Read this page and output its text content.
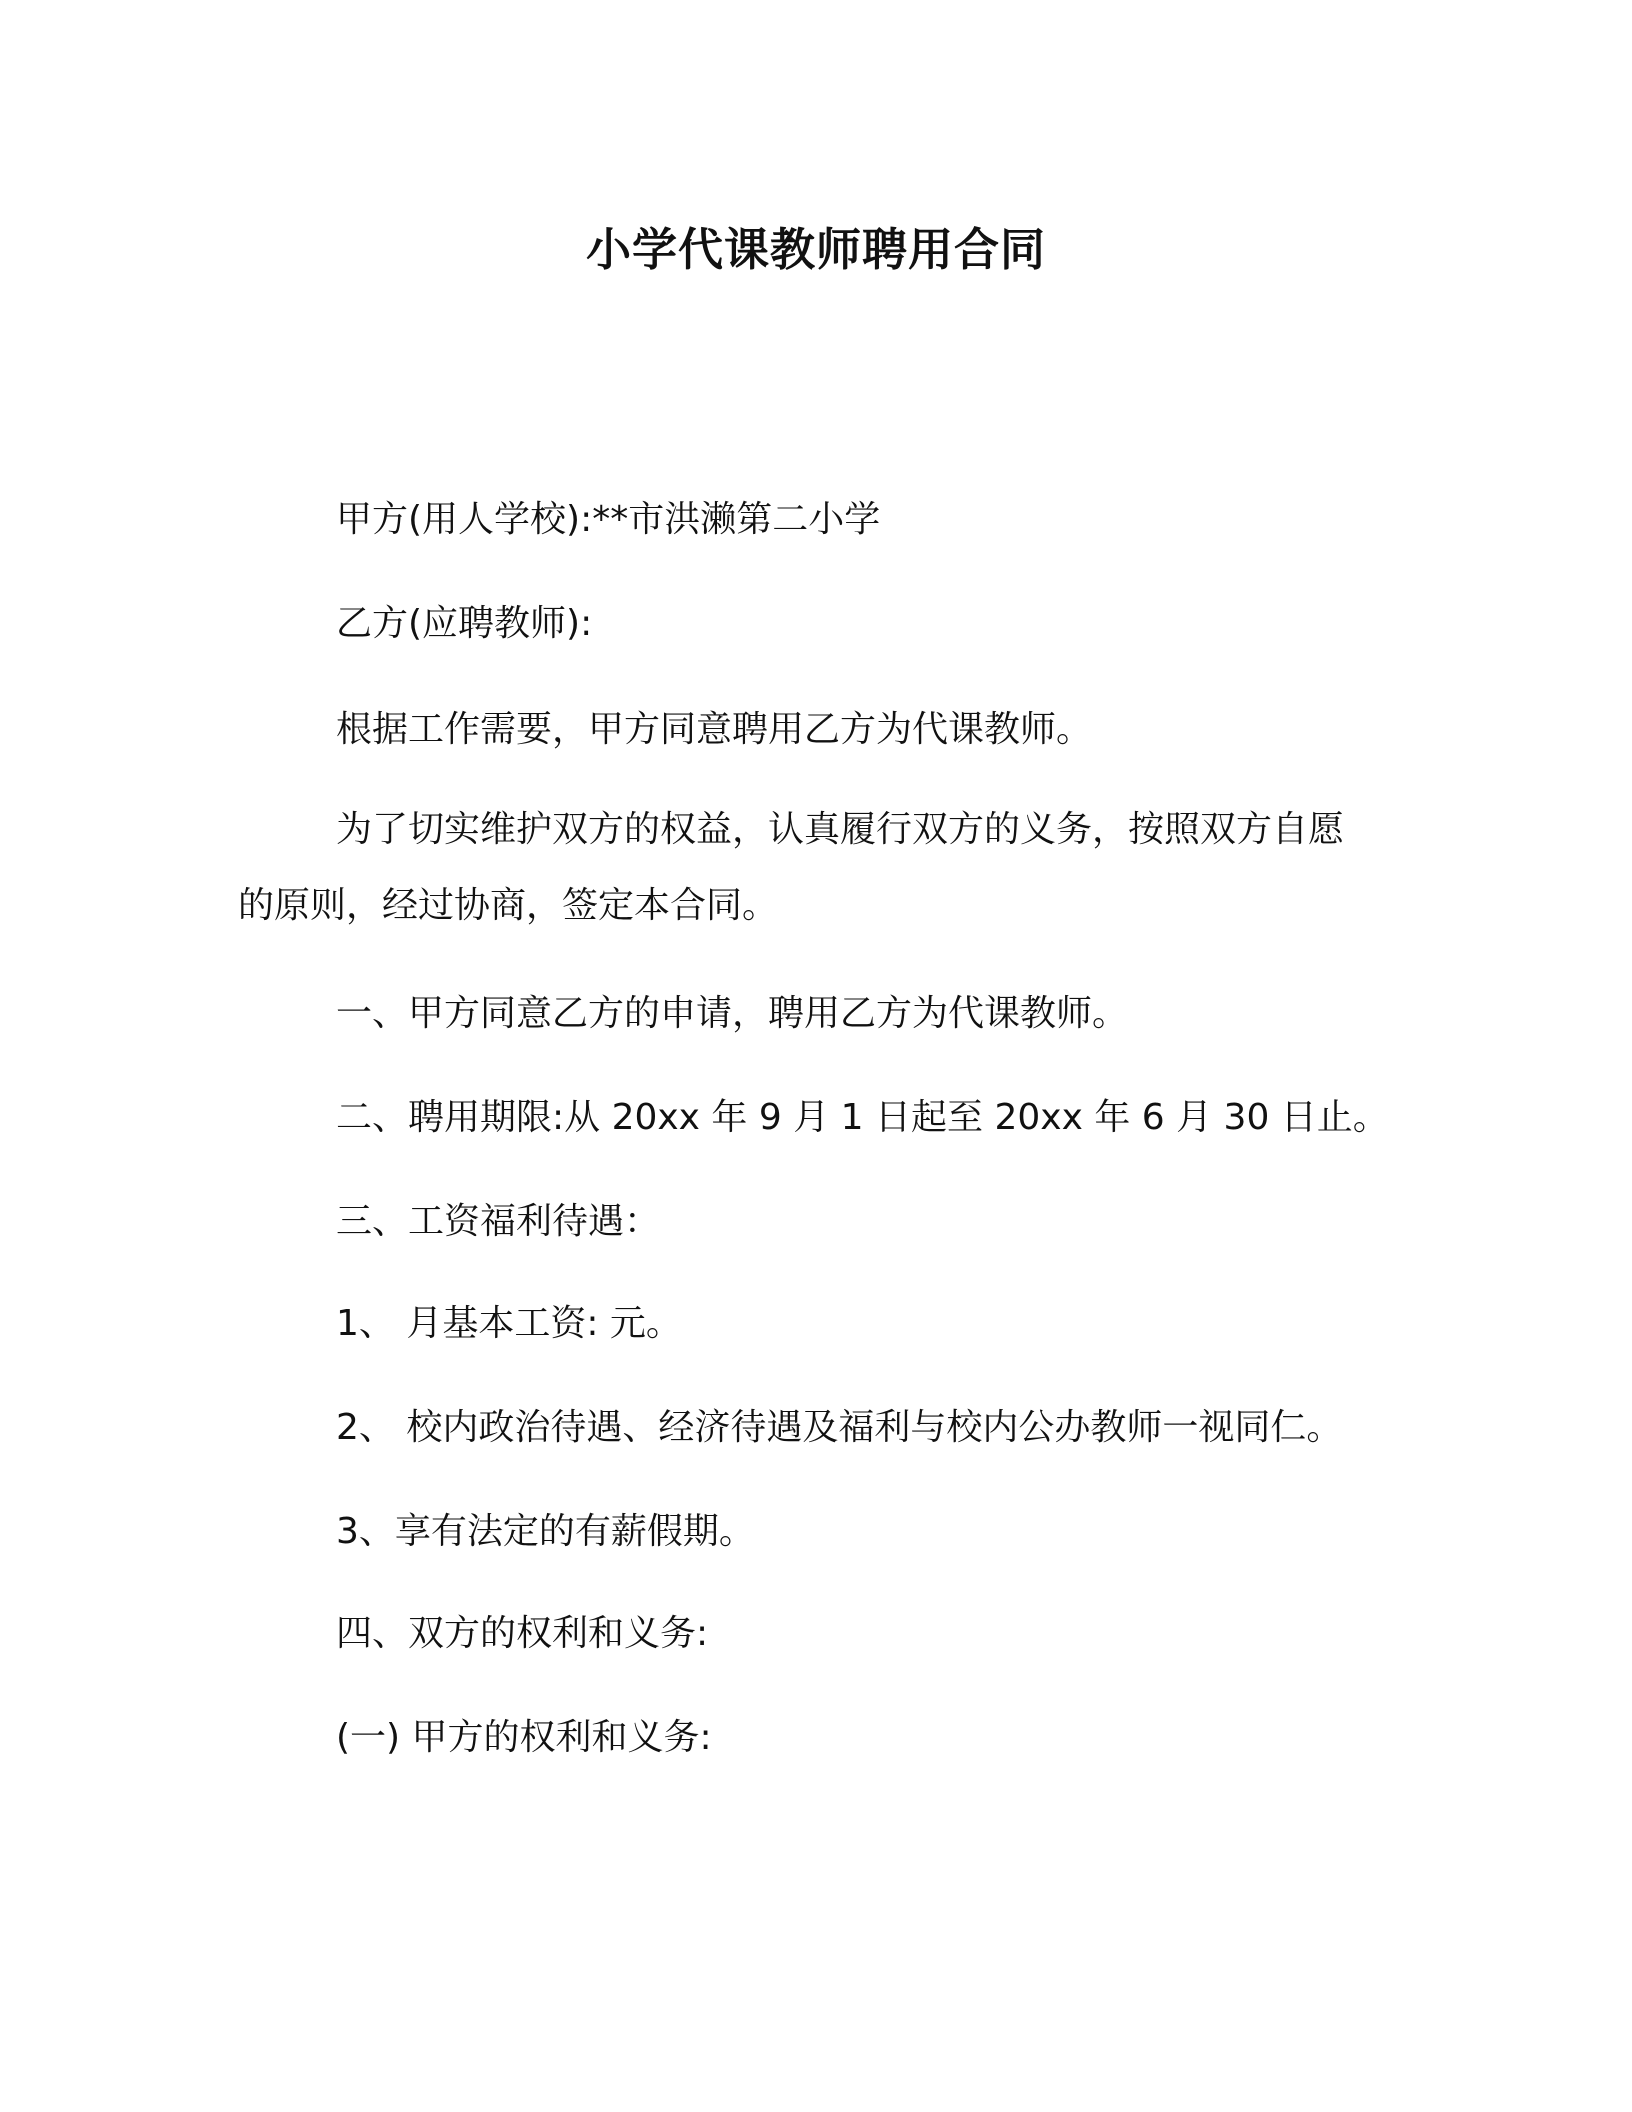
小学代课教师聘用合同

甲方(用人学校):**市洪濑第二小学

乙方(应聘教师):

根据工作需要，甲方同意聘用乙方为代课教师。

为了切实维护双方的权益，认真履行双方的义务，按照双方自愿
的原则，经过协商，签定本合同。

一、甲方同意乙方的申请，聘用乙方为代课教师。

二、聘用期限:从 20xx 年 9 月 1 日起至 20xx 年 6 月 30 日止。

三、工资福利待遇：

1、 月基本工资: 元。

2、 校内政治待遇、经济待遇及福利与校内公办教师一视同仁。

3、享有法定的有薪假期。

四、双方的权利和义务:

(一) 甲方的权利和义务:
